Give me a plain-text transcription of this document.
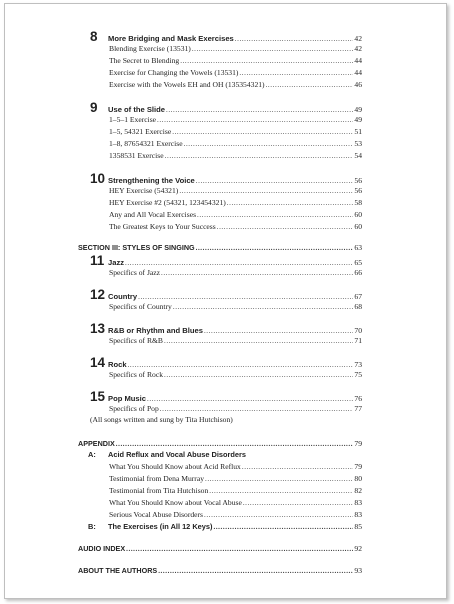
8 More Bridging and Mask Exercises .....	42
Blending Exercise (13531) .....	42
The Secret to Blending .....	44
Exercise for Changing the Vowels (13531) .....	44
Exercise with the Vowels EH and OH (135354321) .....	46
9 Use of the Slide .....	49
1–5–1 Exercise .....	49
1–5, 54321 Exercise .....	51
1–8, 87654321 Exercise .....	53
1358531 Exercise .....	54
10 Strengthening the Voice .....	56
HEY Exercise (54321) .....	56
HEY Exercise #2 (54321, 123454321) .....	58
Any and All Vocal Exercises .....	60
The Greatest Keys to Your Success .....	60
SECTION III: STYLES OF SINGING .....	63
11 Jazz .....	65
Specifics of Jazz .....	66
12 Country .....	67
Specifics of Country .....	68
13 R&B or Rhythm and Blues .....	70
Specifics of R&B .....	71
14 Rock .....	73
Specifics of Rock .....	75
15 Pop Music .....	76
Specifics of Pop .....	77
(All songs written and sung by Tita Hutchison)
APPENDIX .....	79
A: Acid Reflux and Vocal Abuse Disorders
What You Should Know about Acid Reflux .....	79
Testimonial from Dena Murray .....	80
Testimonial from Tita Hutchison .....	82
What You Should Know about Vocal Abuse .....	83
Serious Vocal Abuse Disorders .....	83
B: The Exercises (in All 12 Keys) .....	85
AUDIO INDEX .....	92
ABOUT THE AUTHORS .....	93
